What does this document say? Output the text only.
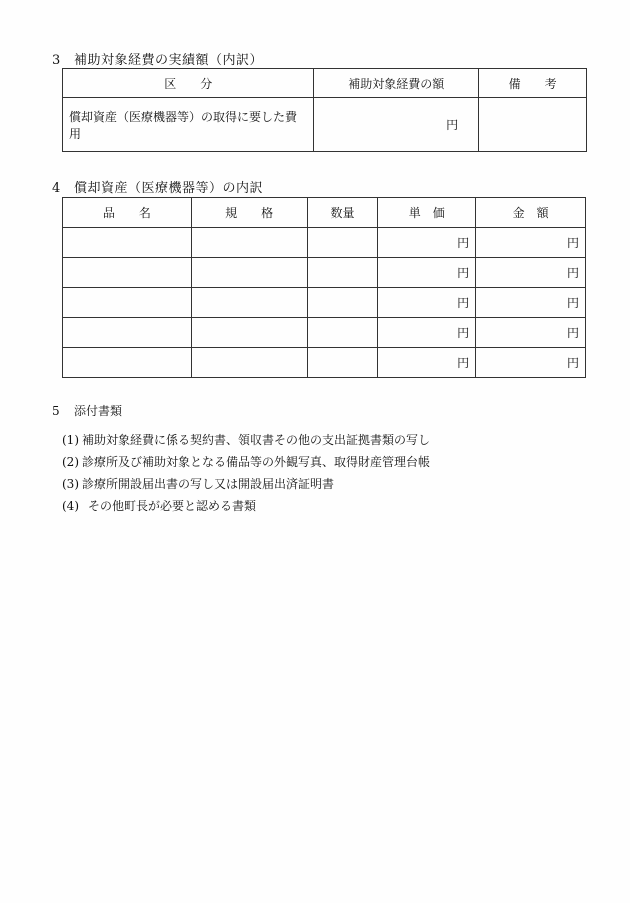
3 補助対象経費の実績額（内訳）
区　　分	補助対象経費の額	備　　考
償却資産（医療機器等）の取得に要した費用	円	
4 償却資産（医療機器等）の内訳
品　　名	規　　格	数量	単　価	金　額
			円	円
			円	円
			円	円
			円	円
			円	円
5 添付書類
(1) 補助対象経費に係る契約書、領収書その他の支出証拠書類の写し
(2) 診療所及び補助対象となる備品等の外観写真、取得財産管理台帳
(3) 診療所開設届出書の写し又は開設届出済証明書
(4) その他町長が必要と認める書類
